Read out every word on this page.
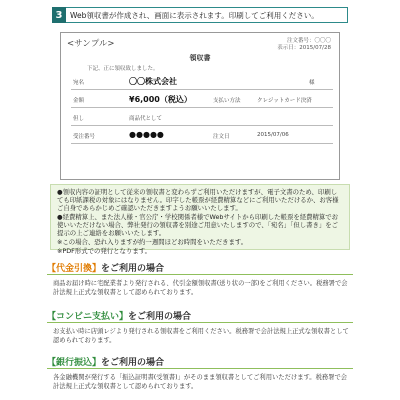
3	Web領収書が作成され、画面に表示されます。印刷してご利用ください。
<サンプル>	注文番号：〇〇〇
表示日：2015/07/28
領収書
下記、正に領収致しました。
宛名	〇〇株式会社	様
金額	¥6,000（税込）	支払い方法	クレジットカード決済
但し	商品代として
受注番号	●●●●●	注文日	2015/07/06

●領収内容の証明として従来の領収書と変わらずご利用いただけますが、電子文書のため、印刷しても印紙課税の対象にはなりません。印字した帳票が経費精算などにご利用いただけるか、お客様ご自身であらかじめご確認いただきますようお願いいたします。

●経費精算上、また法人様・官公庁・学校関係者様でWebサイトから印刷した帳票を経費精算でお使いいただけない場合、弊社発行の領収書を別途ご用意いたしますので、「宛名」「但し書き」をご提示の上ご連絡をお願いいたします。

※この場合、恐れ入りますが約一週間ほどお時間をいただきます。

※PDF形式での発行となります。

【代金引換】 をご利用の場合
商品お届け時に宅配業者より発行される、代引金額領収書(送り状の一部)をご利用ください。税務署で会計法規上正式な領収書として認められております。
【コンビニ支払い】 をご利用の場合
お支払い時に店頭レジより発行される領収書をご利用ください。税務署で会計法規上正式な領収書として認められております。
【銀行振込】 をご利用の場合
各金融機関が発行する「振込証明書(受領書)」がそのまま領収書としてご利用いただけます。税務署で会計法規上正式な領収書として認められております。
